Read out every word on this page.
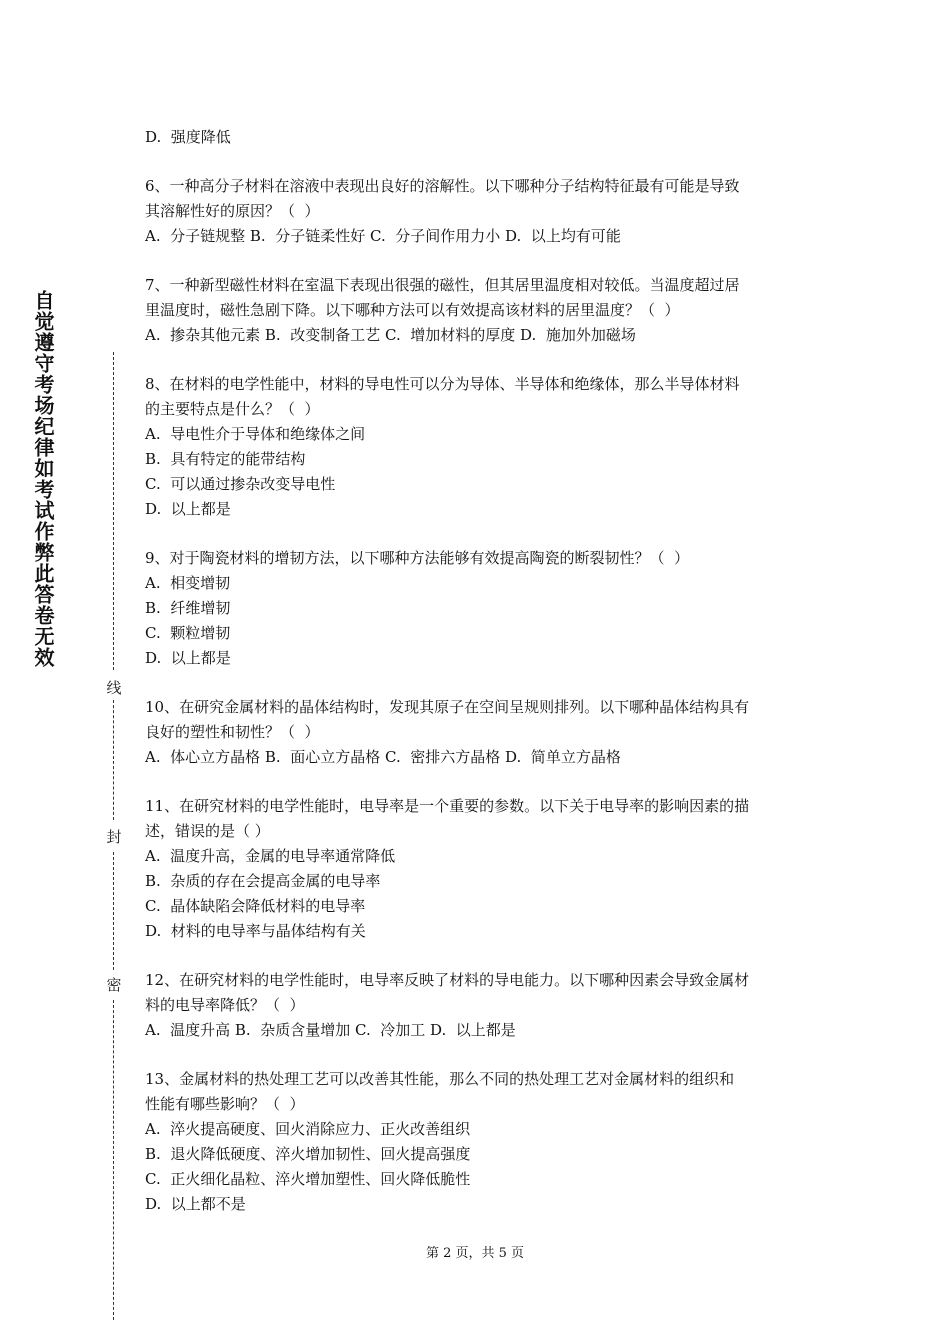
自觉遵守考场纪律如考试作弊此答卷无效
线
封
密
D.  强度降低
6、一种高分子材料在溶液中表现出良好的溶解性。以下哪种分子结构特征最有可能是导致
其溶解性好的原因？（  ）
A.  分子链规整 B.  分子链柔性好 C.  分子间作用力小 D.  以上均有可能
7、一种新型磁性材料在室温下表现出很强的磁性，但其居里温度相对较低。当温度超过居
里温度时，磁性急剧下降。以下哪种方法可以有效提高该材料的居里温度？（  ）
A.  掺杂其他元素 B.  改变制备工艺 C.  增加材料的厚度 D.  施加外加磁场
8、在材料的电学性能中，材料的导电性可以分为导体、半导体和绝缘体，那么半导体材料
的主要特点是什么？（  ）
A.  导电性介于导体和绝缘体之间
B.  具有特定的能带结构
C.  可以通过掺杂改变导电性
D.  以上都是
9、对于陶瓷材料的增韧方法，以下哪种方法能够有效提高陶瓷的断裂韧性？（  ）
A.  相变增韧
B.  纤维增韧
C.  颗粒增韧
D.  以上都是
10、在研究金属材料的晶体结构时，发现其原子在空间呈规则排列。以下哪种晶体结构具有
良好的塑性和韧性？（  ）
A.  体心立方晶格 B.  面心立方晶格 C.  密排六方晶格 D.  简单立方晶格
11、在研究材料的电学性能时，电导率是一个重要的参数。以下关于电导率的影响因素的描
述，错误的是（ ）
A.  温度升高，金属的电导率通常降低
B.  杂质的存在会提高金属的电导率
C.  晶体缺陷会降低材料的电导率
D.  材料的电导率与晶体结构有关
12、在研究材料的电学性能时，电导率反映了材料的导电能力。以下哪种因素会导致金属材
料的电导率降低？（  ）
A.  温度升高 B.  杂质含量增加 C.  冷加工 D.  以上都是
13、金属材料的热处理工艺可以改善其性能，那么不同的热处理工艺对金属材料的组织和
性能有哪些影响？（  ）
A.  淬火提高硬度、回火消除应力、正火改善组织
B.  退火降低硬度、淬火增加韧性、回火提高强度
C.  正火细化晶粒、淬火增加塑性、回火降低脆性
D.  以上都不是
第 2 页，共 5 页
